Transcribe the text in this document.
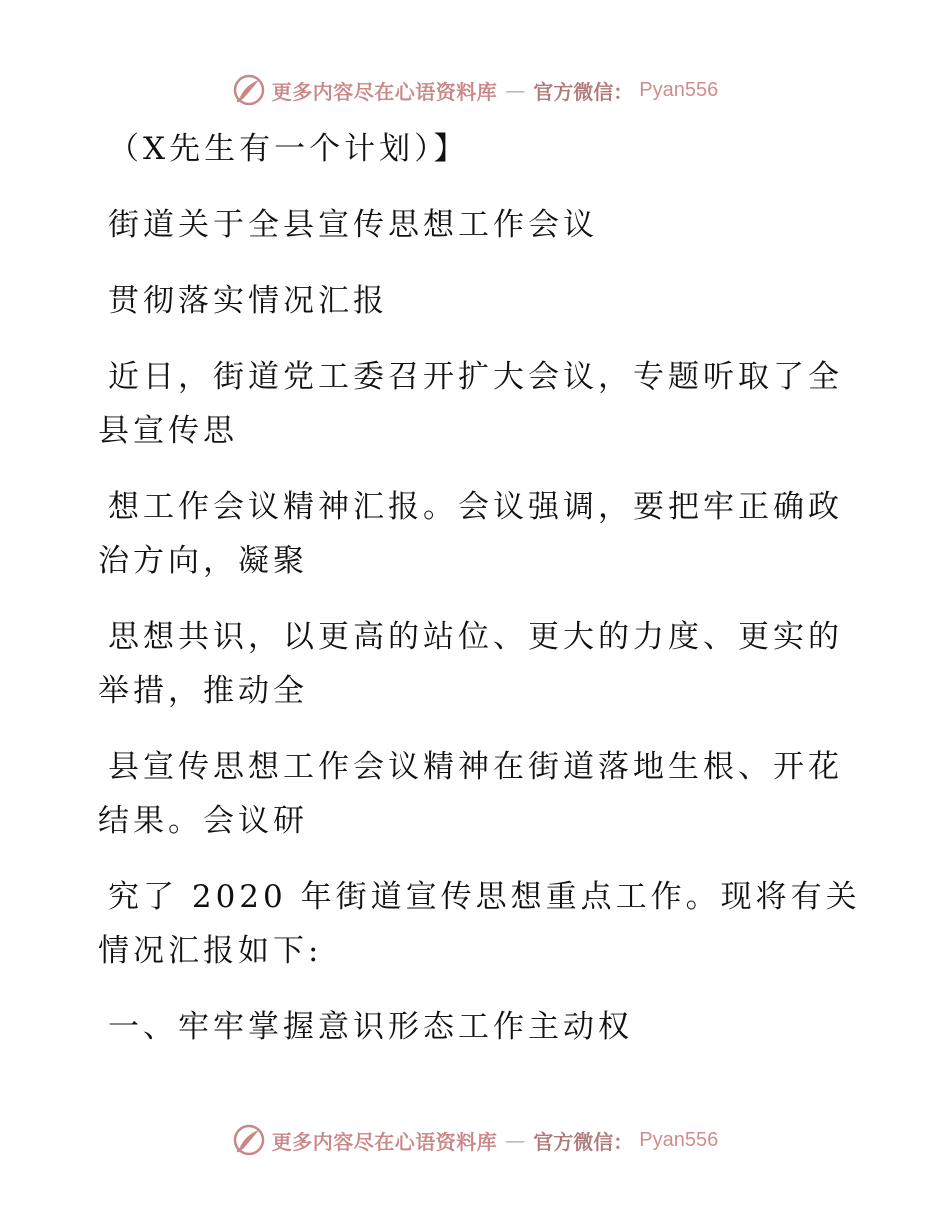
更多内容尽在心语资料库 — 官方微信： Pyan556
（X先生有一个计划）】
街道关于全县宣传思想工作会议
贯彻落实情况汇报
近日，街道党工委召开扩大会议，专题听取了全
县宣传思
想工作会议精神汇报。会议强调，要把牢正确政
治方向，凝聚
思想共识，以更高的站位、更大的力度、更实的
举措，推动全
县宣传思想工作会议精神在街道落地生根、开花
结果。会议研
究了 2020 年街道宣传思想重点工作。现将有关
情况汇报如下:
一、牢牢掌握意识形态工作主动权
更多内容尽在心语资料库 — 官方微信： Pyan556
